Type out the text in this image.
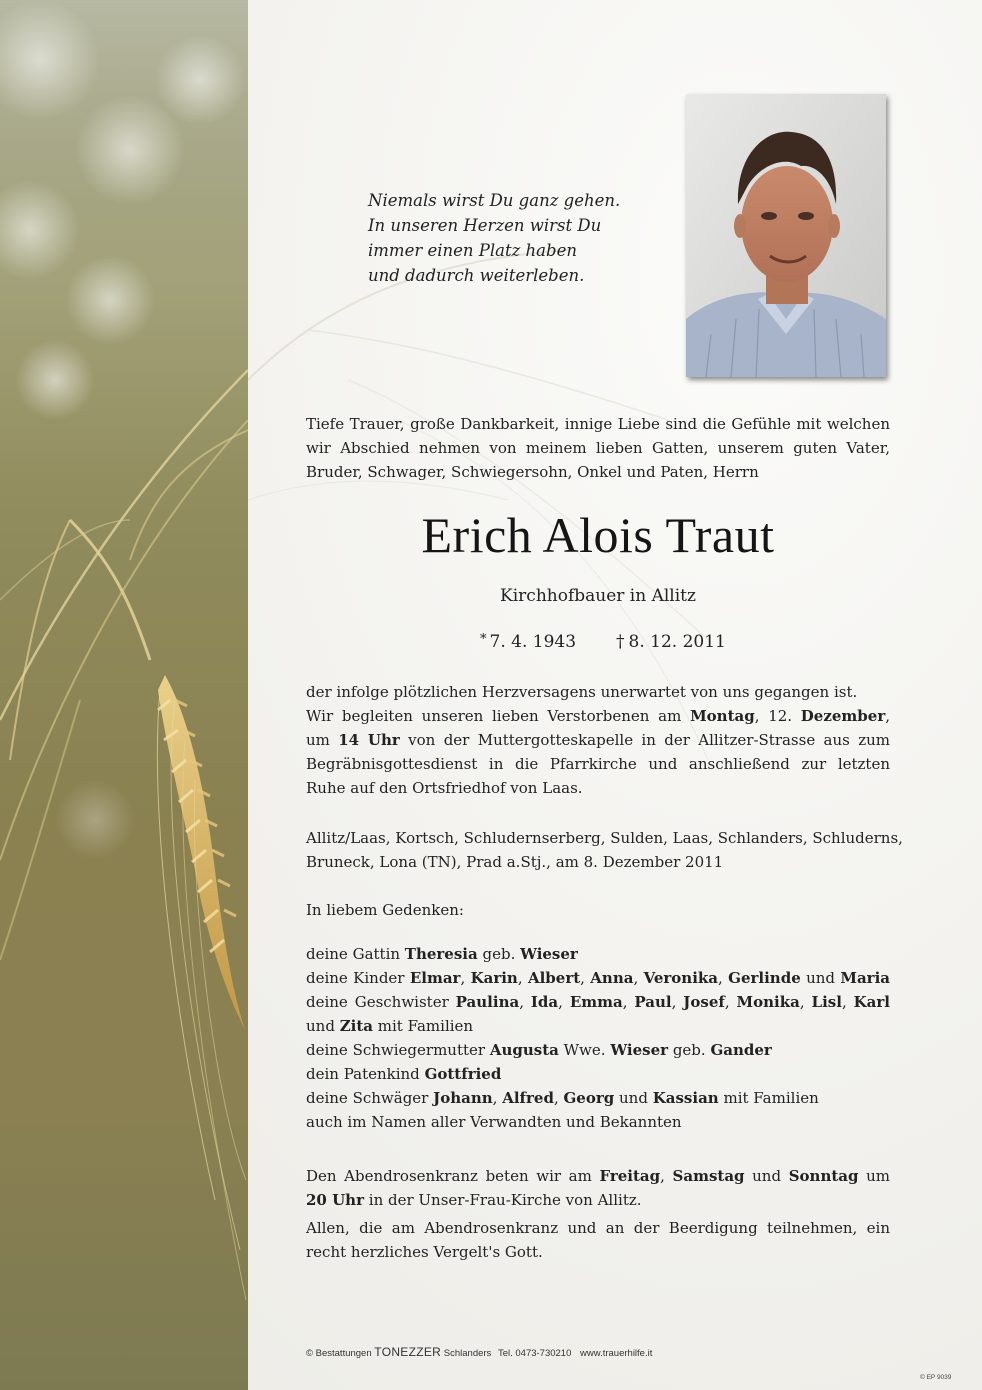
Niemals wirst Du ganz gehen.
In unseren Herzen wirst Du
immer einen Platz haben
und dadurch weiterleben.
Tiefe Trauer, große Dankbarkeit, innige Liebe sind die Gefühle mit welchen
wir Abschied nehmen von meinem lieben Gatten, unserem guten Vater,
Bruder, Schwager, Schwiegersohn, Onkel und Paten, Herrn
Erich Alois Traut
Kirchhofbauer in Allitz
* 7. 4. 1943 † 8. 12. 2011
der infolge plötzlichen Herzversagens unerwartet von uns gegangen ist.
Wir begleiten unseren lieben Verstorbenen am Montag, 12. Dezember,
um 14 Uhr von der Muttergotteskapelle in der Allitzer-Strasse aus zum
Begräbnisgottesdienst in die Pfarrkirche und anschließend zur letzten
Ruhe auf den Ortsfriedhof von Laas.
Allitz/Laas, Kortsch, Schludernserberg, Sulden, Laas, Schlanders, Schluderns,
Bruneck, Lona (TN), Prad a.Stj., am 8. Dezember 2011
In liebem Gedenken:
deine Gattin Theresia geb. Wieser
deine Kinder Elmar, Karin, Albert, Anna, Veronika, Gerlinde und Maria
deine Geschwister Paulina, Ida, Emma, Paul, Josef, Monika, Lisl, Karl
und Zita mit Familien
deine Schwiegermutter Augusta Wwe. Wieser geb. Gander
dein Patenkind Gottfried
deine Schwäger Johann, Alfred, Georg und Kassian mit Familien
auch im Namen aller Verwandten und Bekannten
Den Abendrosenkranz beten wir am Freitag, Samstag und Sonntag um
20 Uhr in der Unser-Frau-Kirche von Allitz.
Allen, die am Abendrosenkranz und an der Beerdigung teilnehmen, ein
recht herzliches Vergelt's Gott.
© Bestattungen TONEZZER Schlanders Tel. 0473-730210 www.trauerhilfe.it
© EP 9039
